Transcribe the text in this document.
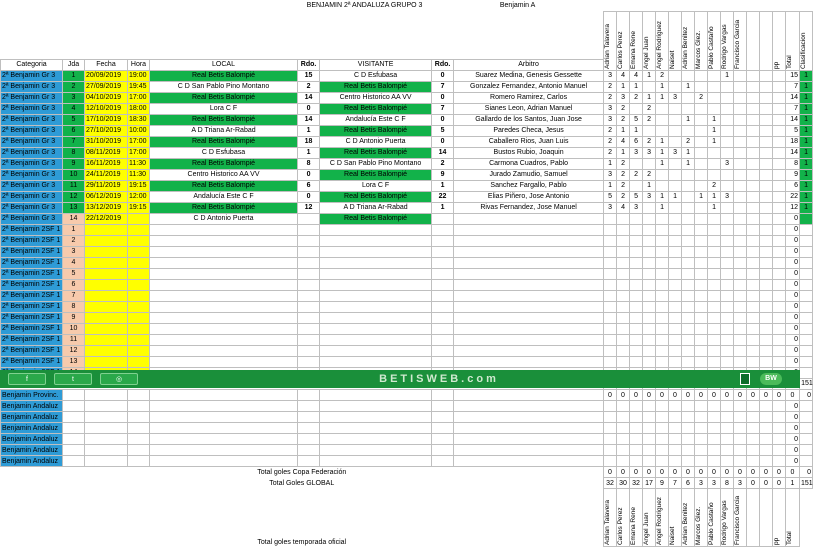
					BENJAMIN 2ª ANDALUZA GRUPO 3		Benjamin A																	

									Adrian Talavera	Carlos Perez	Emana Rene	Angel Juan	Angel Rodriguez	Naiset	Adrian Benitez	Marcos Glez.	Pablo Castaño	Rodrigo Vargas	Francisco Garcia			pp	Total	Clasificacion

Categoria	Jda	Fecha	Hora	LOCAL	Rdo.	VISITANTE	Rdo.	Arbitro																
2ª Benjamin Gr 3	1	20/09/2019	19:00	Real Betis Balompié	15	C D Esfubasa	0	Suarez Medina, Genesis Gessette	3	4	4	1	2					1					15	1
2ª Benjamin Gr 3	2	27/09/2019	19:45	C D San Pablo Pino Montano	2	Real Betis Balompié	7	Gonzalez Fernandez, Antonio Manuel	2	1	1		1		1								7	1
2ª Benjamin Gr 3	3	04/10/2019	17:00	Real Betis Balompié	14	Centro Historico AA VV	0	Romero Ramirez, Carlos	2	3	2	1	1	3		2							14	1
2ª Benjamin Gr 3	4	12/10/2019	18:00	Lora C F	0	Real Betis Balompié	7	Sianes Leon, Adrian Manuel	3	2		2											7	1
2ª Benjamin Gr 3	5	17/10/2019	18:30	Real Betis Balompié	14	Andalucía Este C F	0	Gallardo de los Santos, Juan Jose	3	2	5	2			1		1						14	1
2ª Benjamin Gr 3	6	27/10/2019	10:00	A D Triana Ar-Rabad	1	Real Betis Balompié	5	Paredes Checa, Jesus	2	1	1						1						5	1
2ª Benjamin Gr 3	7	31/10/2019	17:00	Real Betis Balompié	18	C D Antonio Puerta	0	Caballero Rios, Juan Luis	2	4	6	2	1		2		1						18	1
2ª Benjamin Gr 3	8	08/11/2019	17:00	C D Esfubasa	1	Real Betis Balompié	14	Bustos Rubio, Joaquin	2	1	3	3	1	3	1								14	1
2ª Benjamin Gr 3	9	16/11/2019	11:30	Real Betis Balompié	8	C D San Pablo Pino Montano	2	Carmona Cuadros, Pablo	1	2			1		1			3					8	1
2ª Benjamin Gr 3	10	24/11/2019	11:30	Centro Historico AA VV	0	Real Betis Balompié	9	Jurado Zamudio, Samuel	3	2	2	2											9	1
2ª Benjamin Gr 3	11	29/11/2019	19:15	Real Betis Balompié	6	Lora C F	1	Sanchez Fargallo, Pablo	1	2		1					2						6	1
2ª Benjamin Gr 3	12	06/12/2019	12:00	Andalucía Este C F	0	Real Betis Balompié	22	Elias Piñero, Jose Antonio	5	2	5	3	1	1		1	1	3					22	1
2ª Benjamin Gr 3	13	13/12/2019	19:15	Real Betis Balompié	12	A D Triana Ar-Rabad	1	Rivas Fernandez, Jose Manuel	3	4	3		1				1						12	1
2ª Benjamin Gr 3	14	22/12/2019		C D Antonio Puerta		Real Betis Balompié																	0	
2ª Benjamin 2SF 1	1																						0	
2ª Benjamin 2SF 1	2																						0	
2ª Benjamin 2SF 1	3																						0	
2ª Benjamin 2SF 1	4																						0	
2ª Benjamin 2SF 1	5																						0	
2ª Benjamin 2SF 1	6																						0	
2ª Benjamin 2SF 1	7																						0	
2ª Benjamin 2SF 1	8																						0	
2ª Benjamin 2SF 1	9																						0	
2ª Benjamin 2SF 1	10																						0	
2ª Benjamin 2SF 1	11																						0	
2ª Benjamin 2SF 1	12																						0	
2ª Benjamin 2SF 1	13																						0	

																151
f	t	◎	BETISWEB.com	BW
Benjamin Provinc.									0	0	0	0	0	0	0	0	0	0	0	0	0	0	0	0
Benjamin Andaluz																							0	
Benjamin Andaluz																							0	
Benjamin Andaluz																							0	
Benjamin Andaluz																							0	
Benjamin Andaluz																							0	
Benjamin Andaluz																							0	
Total goles Copa Federación									0	0	0	0	0	0	0	0	0	0	0	0	0	0	0	0
Total Goles GLOBAL									32	30	32	17	9	7	6	3	3	8	3	0	0	0	1	151
Total goles temporada oficial									Adrian Talavera	Carlos Perez	Emana Rene	Angel Juan	Angel Rodriguez	Naiset	Adrian Benitez	Marcos Glez.	Pablo Castaño	Rodrigo Vargas	Francisco Garcia			pp	Total	
